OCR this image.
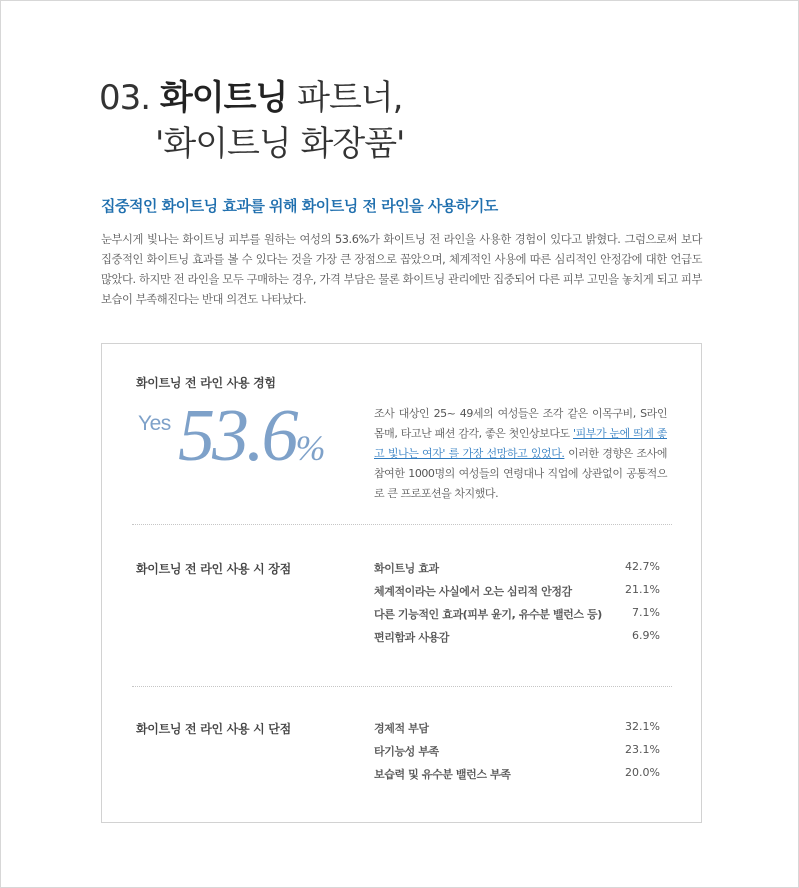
03. 화이트닝 파트너,
'화이트닝 화장품'
집중적인 화이트닝 효과를 위해 화이트닝 전 라인을 사용하기도
눈부시게 빛나는 화이트닝 피부를 원하는 여성의 53.6%가 화이트닝 전 라인을 사용한 경험이 있다고 밝혔다. 그럼으로써 보다 집중적인 화이트닝 효과를 볼 수 있다는 것을 가장 큰 장점으로 꼽았으며, 체계적인 사용에 따른 심리적인 안정감에 대한 언급도 많았다. 하지만 전 라인을 모두 구매하는 경우, 가격 부담은 물론 화이트닝 관리에만 집중되어 다른 피부 고민을 놓치게 되고 피부 보습이 부족해진다는 반대 의견도 나타났다.
화이트닝 전 라인 사용 경험
Yes 53.6%
조사 대상인 25~ 49세의 여성들은 조각 같은 이목구비, S라인 몸매, 타고난 패션 감각, 좋은 첫인상보다도 '피부가 눈에 띄게 좋고 빛나는 여자' 를 가장 선망하고 있었다. 이러한 경향은 조사에 참여한 1000명의 여성들의 연령대나 직업에 상관없이 공통적으로 큰 프로포션을 차지했다.
화이트닝 전 라인 사용 시 장점	화이트닝 효과	42.7%
체계적이라는 사실에서 오는 심리적 안정감	21.1%
다른 기능적인 효과(피부 윤기, 유수분 밸런스 등)	7.1%
편리함과 사용감	6.9%
화이트닝 전 라인 사용 시 단점	경제적 부담	32.1%
타기능성 부족	23.1%
보습력 및 유수분 밸런스 부족	20.0%
